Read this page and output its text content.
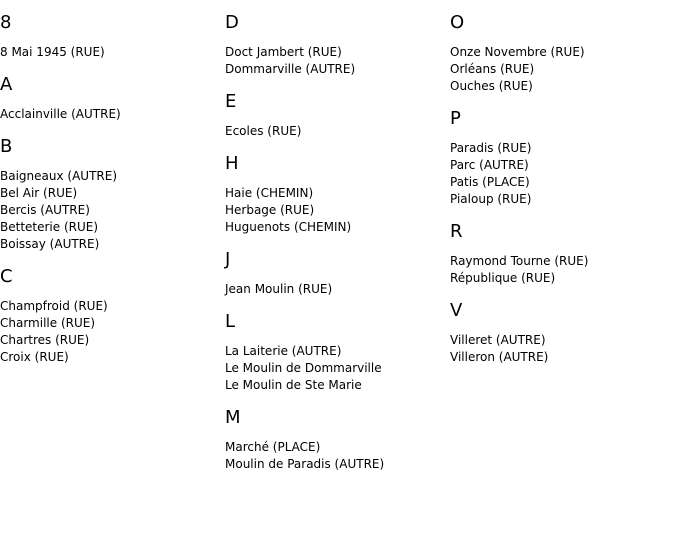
8
8 Mai 1945 (RUE)
A
Acclainville (AUTRE)
B
Baigneaux (AUTRE)
Bel Air (RUE)
Bercis (AUTRE)
Betteterie (RUE)
Boissay (AUTRE)
C
Champfroid (RUE)
Charmille (RUE)
Chartres (RUE)
Croix (RUE)
D
Doct Jambert (RUE)
Dommarville (AUTRE)
E
Ecoles (RUE)
H
Haie (CHEMIN)
Herbage (RUE)
Huguenots (CHEMIN)
J
Jean Moulin (RUE)
L
La Laiterie (AUTRE)
Le Moulin de Dommarville
Le Moulin de Ste Marie
M
Marché (PLACE)
Moulin de Paradis (AUTRE)
O
Onze Novembre (RUE)
Orléans (RUE)
Ouches (RUE)
P
Paradis (RUE)
Parc (AUTRE)
Patis (PLACE)
Pialoup (RUE)
R
Raymond Tourne (RUE)
République (RUE)
V
Villeret (AUTRE)
Villeron (AUTRE)
